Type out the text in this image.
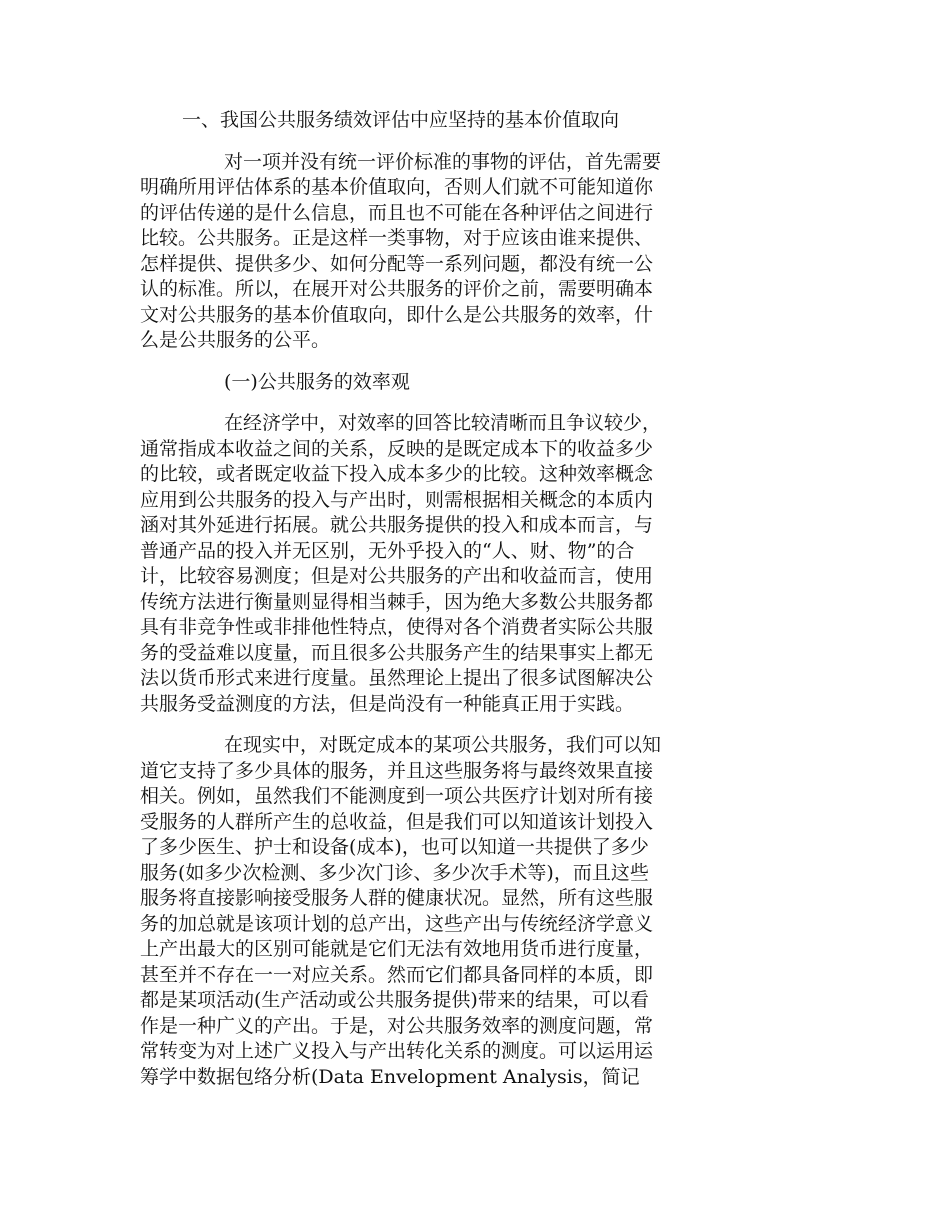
一、我国公共服务绩效评估中应坚持的基本价值取向
对一项并没有统一评价标准的事物的评估，首先需要
明确所用评估体系的基本价值取向，否则人们就不可能知道你
的评估传递的是什么信息，而且也不可能在各种评估之间进行
比较。公共服务。正是这样一类事物，对于应该由谁来提供、
怎样提供、提供多少、如何分配等一系列问题，都没有统一公
认的标准。所以，在展开对公共服务的评价之前，需要明确本
文对公共服务的基本价值取向，即什么是公共服务的效率，什
么是公共服务的公平。
(一)公共服务的效率观
在经济学中，对效率的回答比较清晰而且争议较少，
通常指成本收益之间的关系，反映的是既定成本下的收益多少
的比较，或者既定收益下投入成本多少的比较。这种效率概念
应用到公共服务的投入与产出时，则需根据相关概念的本质内
涵对其外延进行拓展。就公共服务提供的投入和成本而言，与
普通产品的投入并无区别，无外乎投入的“人、财、物”的合
计，比较容易测度；但是对公共服务的产出和收益而言，使用
传统方法进行衡量则显得相当棘手，因为绝大多数公共服务都
具有非竞争性或非排他性特点，使得对各个消费者实际公共服
务的受益难以度量，而且很多公共服务产生的结果事实上都无
法以货币形式来进行度量。虽然理论上提出了很多试图解决公
共服务受益测度的方法，但是尚没有一种能真正用于实践。
在现实中，对既定成本的某项公共服务，我们可以知
道它支持了多少具体的服务，并且这些服务将与最终效果直接
相关。例如，虽然我们不能测度到一项公共医疗计划对所有接
受服务的人群所产生的总收益，但是我们可以知道该计划投入
了多少医生、护士和设备(成本)，也可以知道一共提供了多少
服务(如多少次检测、多少次门诊、多少次手术等)，而且这些
服务将直接影响接受服务人群的健康状况。显然，所有这些服
务的加总就是该项计划的总产出，这些产出与传统经济学意义
上产出最大的区别可能就是它们无法有效地用货币进行度量，
甚至并不存在一一对应关系。然而它们都具备同样的本质，即
都是某项活动(生产活动或公共服务提供)带来的结果，可以看
作是一种广义的产出。于是，对公共服务效率的测度问题，常
常转变为对上述广义投入与产出转化关系的测度。可以运用运
筹学中数据包络分析(Data Envelopment Analysis，简记
